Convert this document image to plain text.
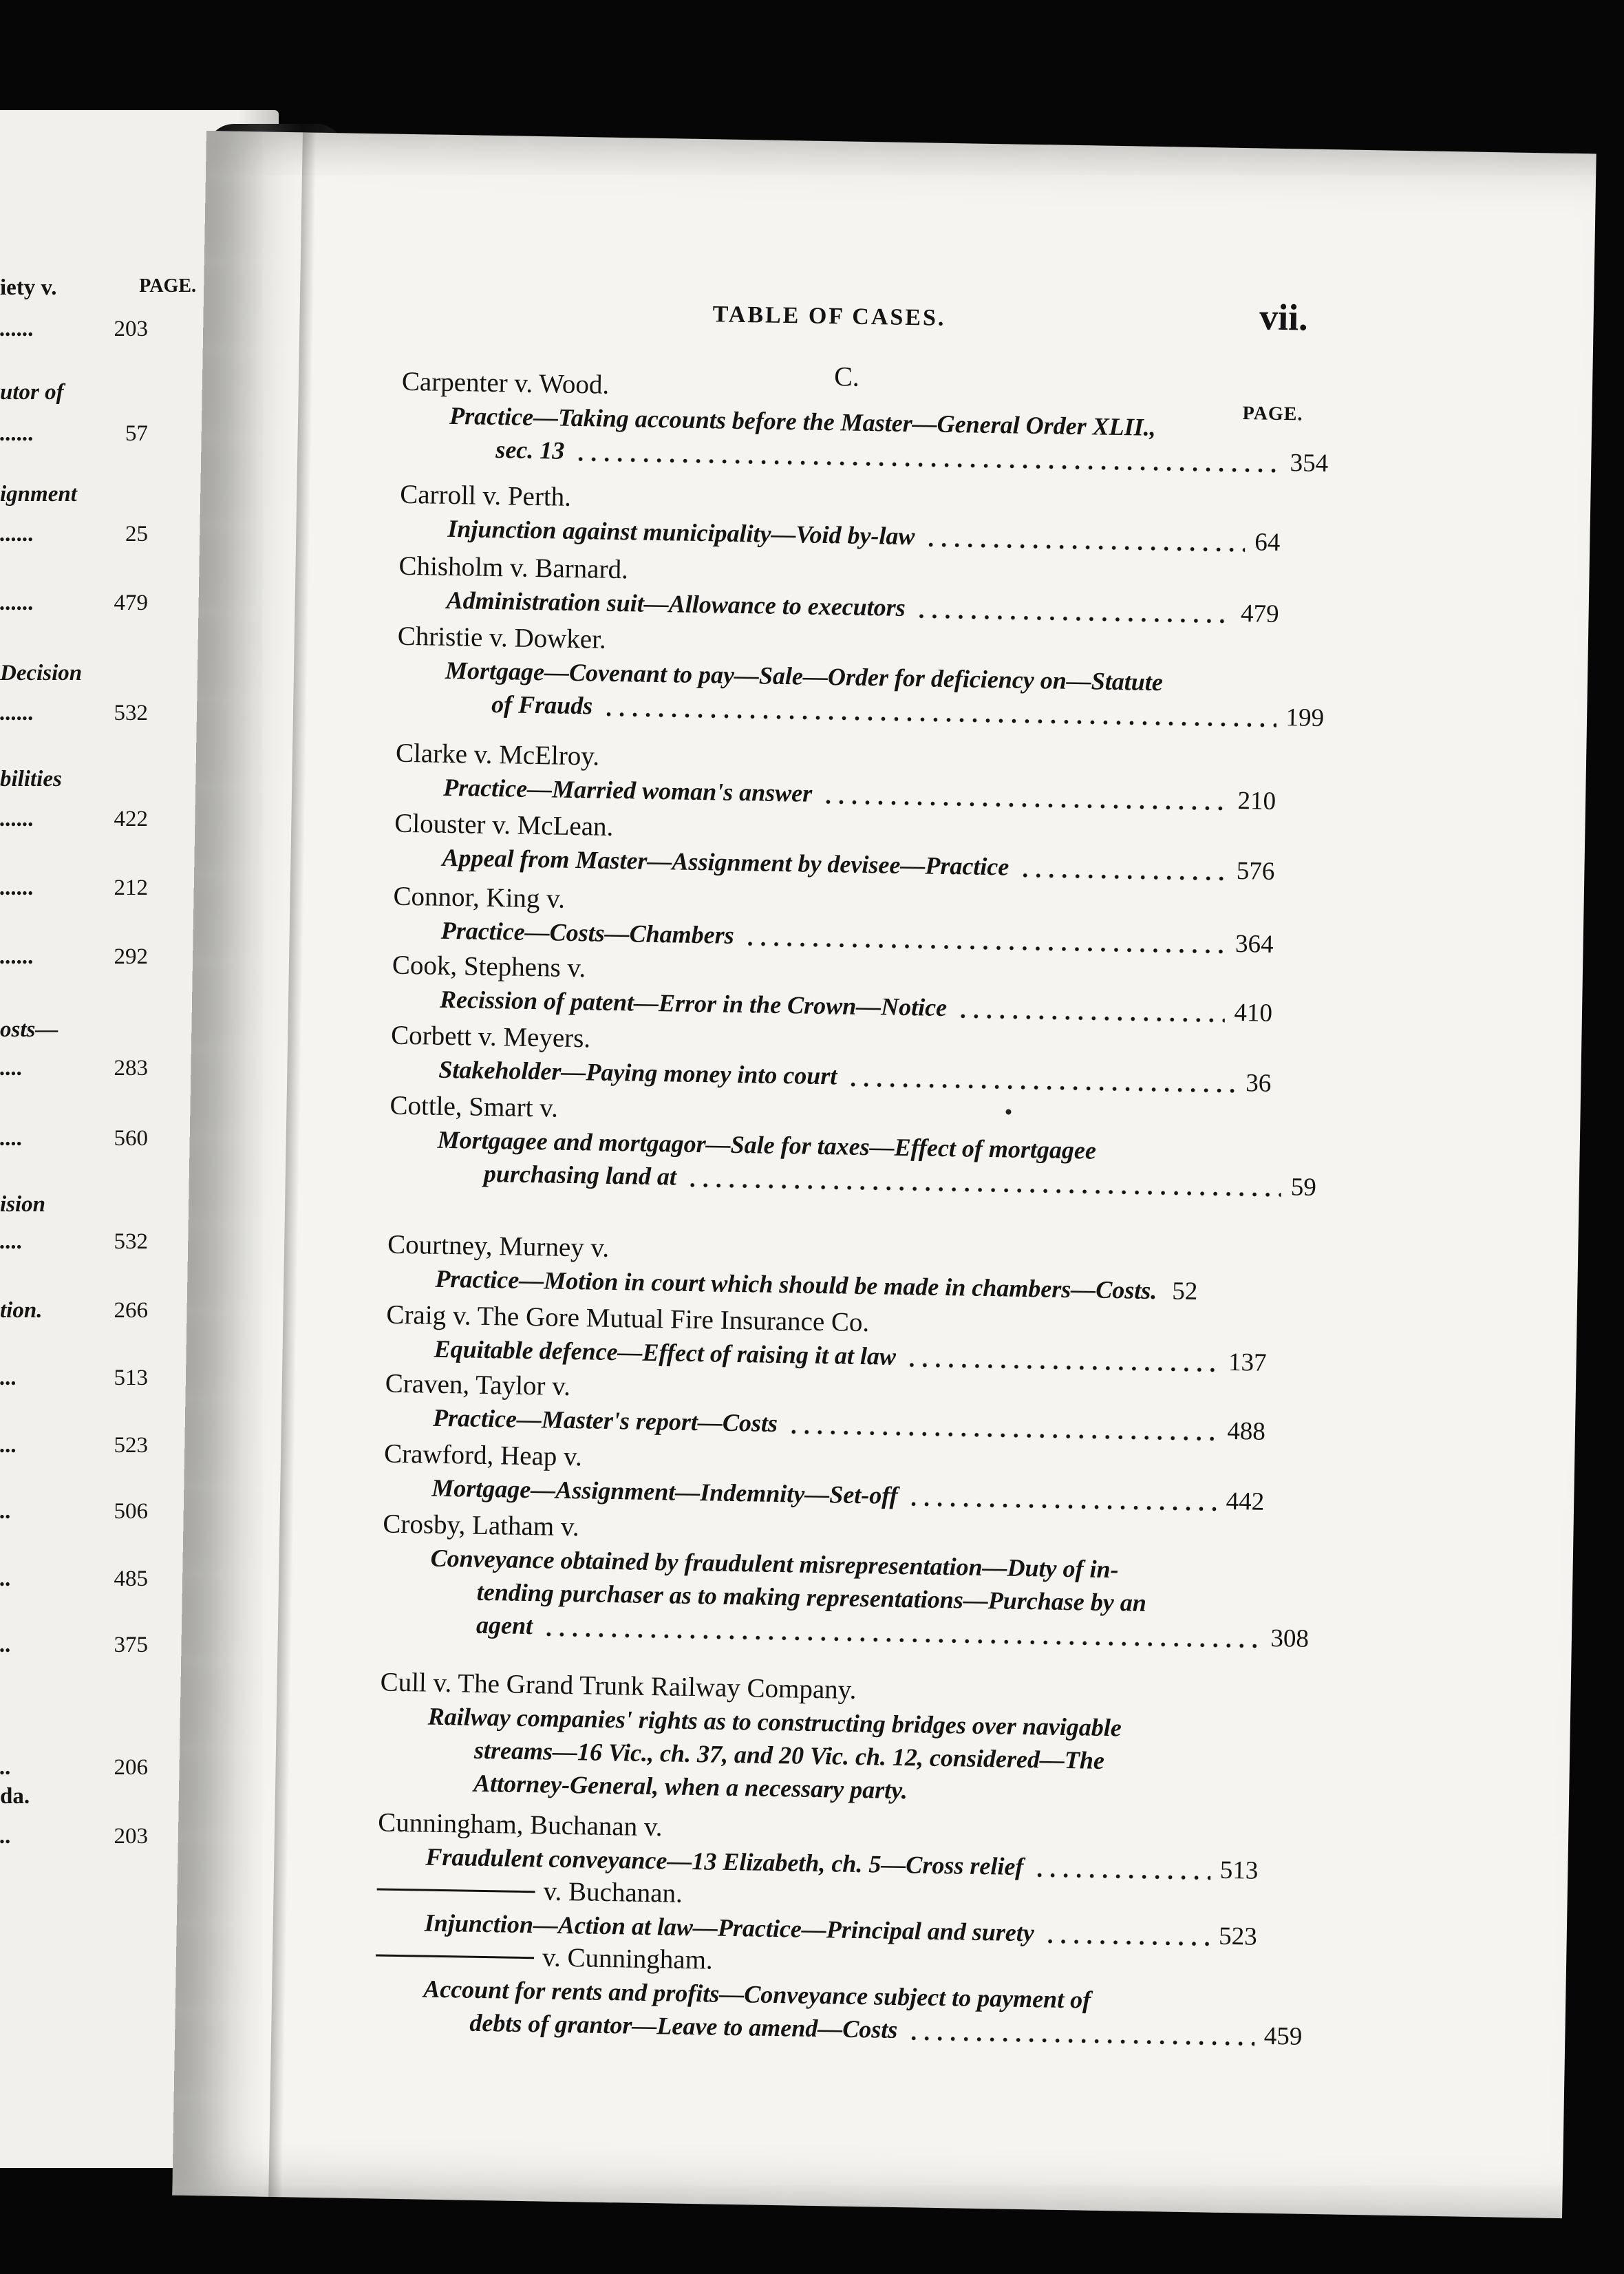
iety v.	PAGE.
......	203
utor of
......	57
ignment
......	25
......	479
Decision
......	532
bilities
......	422
......	212
......	292
osts—
....	283
....	560
ision
....	532
tion.	266
...	513
...	523
..	506
..	485
..	375
..	206
da.
..	203
TABLE OF CASES.	vii.
C.
PAGE.
Carpenter v. Wood.
Practice—Taking accounts before the Master—General Order XLII.,
sec. 13	354
Carroll v. Perth.
Injunction against municipality—Void by-law	64
Chisholm v. Barnard.
Administration suit—Allowance to executors	479
Christie v. Dowker.
Mortgage—Covenant to pay—Sale—Order for deficiency on—Statute
of Frauds	199
Clarke v. McElroy.
Practice—Married woman's answer	210
Clouster v. McLean.
Appeal from Master—Assignment by devisee—Practice	576
Connor, King v.
Practice—Costs—Chambers	364
Cook, Stephens v.
Recission of patent—Error in the Crown—Notice	410
Corbett v. Meyers.
Stakeholder—Paying money into court	36
Cottle, Smart v.
Mortgagee and mortgagor—Sale for taxes—Effect of mortgagee
purchasing land at	59
Courtney, Murney v.
Practice—Motion in court which should be made in chambers—Costs. 52
Craig v. The Gore Mutual Fire Insurance Co.
Equitable defence—Effect of raising it at law	137
Craven, Taylor v.
Practice—Master's report—Costs	488
Crawford, Heap v.
Mortgage—Assignment—Indemnity—Set-off	442
Crosby, Latham v.
Conveyance obtained by fraudulent misrepresentation—Duty of in-
tending purchaser as to making representations—Purchase by an
agent	308
Cull v. The Grand Trunk Railway Company.
Railway companies' rights as to constructing bridges over navigable
streams—16 Vic., ch. 37, and 20 Vic. ch. 12, considered—The
Attorney-General, when a necessary party.
Cunningham, Buchanan v.
Fraudulent conveyance—13 Elizabeth, ch. 5—Cross relief	513
v. Buchanan.
Injunction—Action at law—Practice—Principal and surety	523
v. Cunningham.
Account for rents and profits—Conveyance subject to payment of
debts of grantor—Leave to amend—Costs	459
